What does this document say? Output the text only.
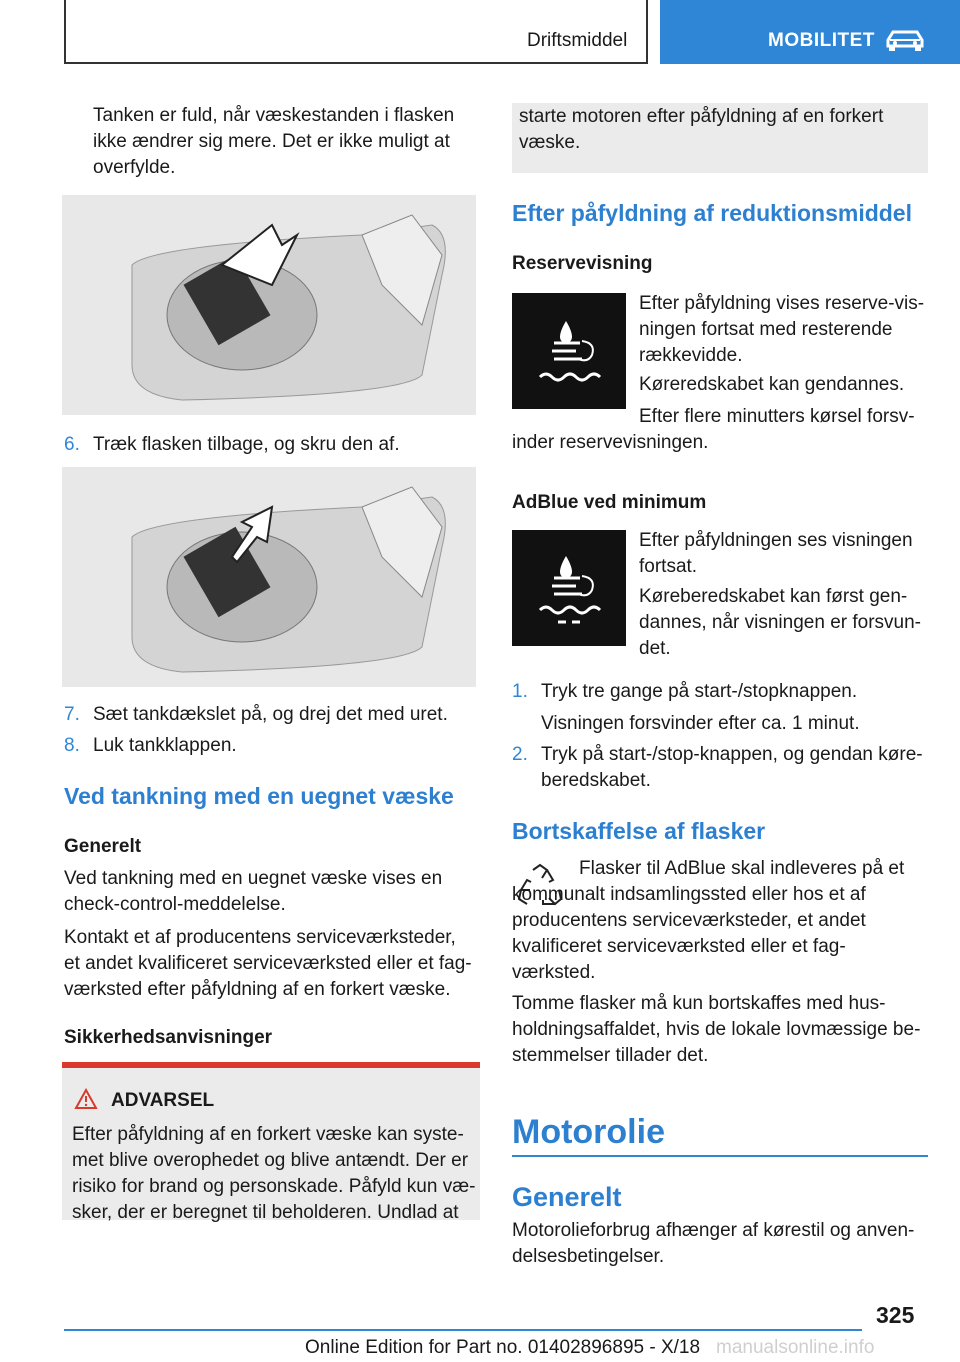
Driftsmiddel	MOBILITET

Tanken er fuld, når væskestanden i flasken ikke ændrer sig mere. Det er ikke muligt at overfylde.

6. Træk flasken tilbage, og skru den af.
7. Sæt tankdækslet på, og drej det med uret.
8. Luk tankklappen.
Ved tankning med en uegnet væske
Generelt

Ved tankning med en uegnet væske vises en check-control-meddelelse.

Kontakt et af producentens serviceværksteder, et andet kvalificeret serviceværksted eller et fagværksted efter påfyldning af en forkert væske.

Sikkerhedsanvisninger
ADVARSEL

Efter påfyldning af en forkert væske kan systemet blive overophedet og blive antændt. Der er risiko for brand og personskade. Påfyld kun væsker, der er beregnet til beholderen. Undlad at

starte motoren efter påfyldning af en forkert væske.

Efter påfyldning af reduktionsmiddel
Reservevisning

Efter påfyldning vises reserve-visningen fortsat med resterende rækkevidde.

Køreredskabet kan gendannes.

Efter flere minutters kørsel forsvinder reservevisningen.

AdBlue ved minimum

Efter påfyldningen ses visningen fortsat.

Køreberedskabet kan først gendannes, når visningen er forsvundet.

1. Tryk tre gange på start-/stopknappen.
Visningen forsvinder efter ca. 1 minut.
2. Tryk på start-/stop-knappen, og gendan køreberedskabet.

Bortskaffelse af flasker

Flasker til AdBlue skal indleveres på et kommunalt indsamlingssted eller hos et af producentens serviceværksteder, et andet kvalificeret serviceværksted eller et fagværksted.

Tomme flasker må kun bortskaffes med husholdningsaffaldet, hvis de lokale lovmæssige bestemmelser tillader det.

Motorolie
Generelt

Motorolieforbrug afhænger af kørestil og anvendelsesbetingelser.

325
Online Edition for Part no. 01402896895 - X/18 manualsonline.info
